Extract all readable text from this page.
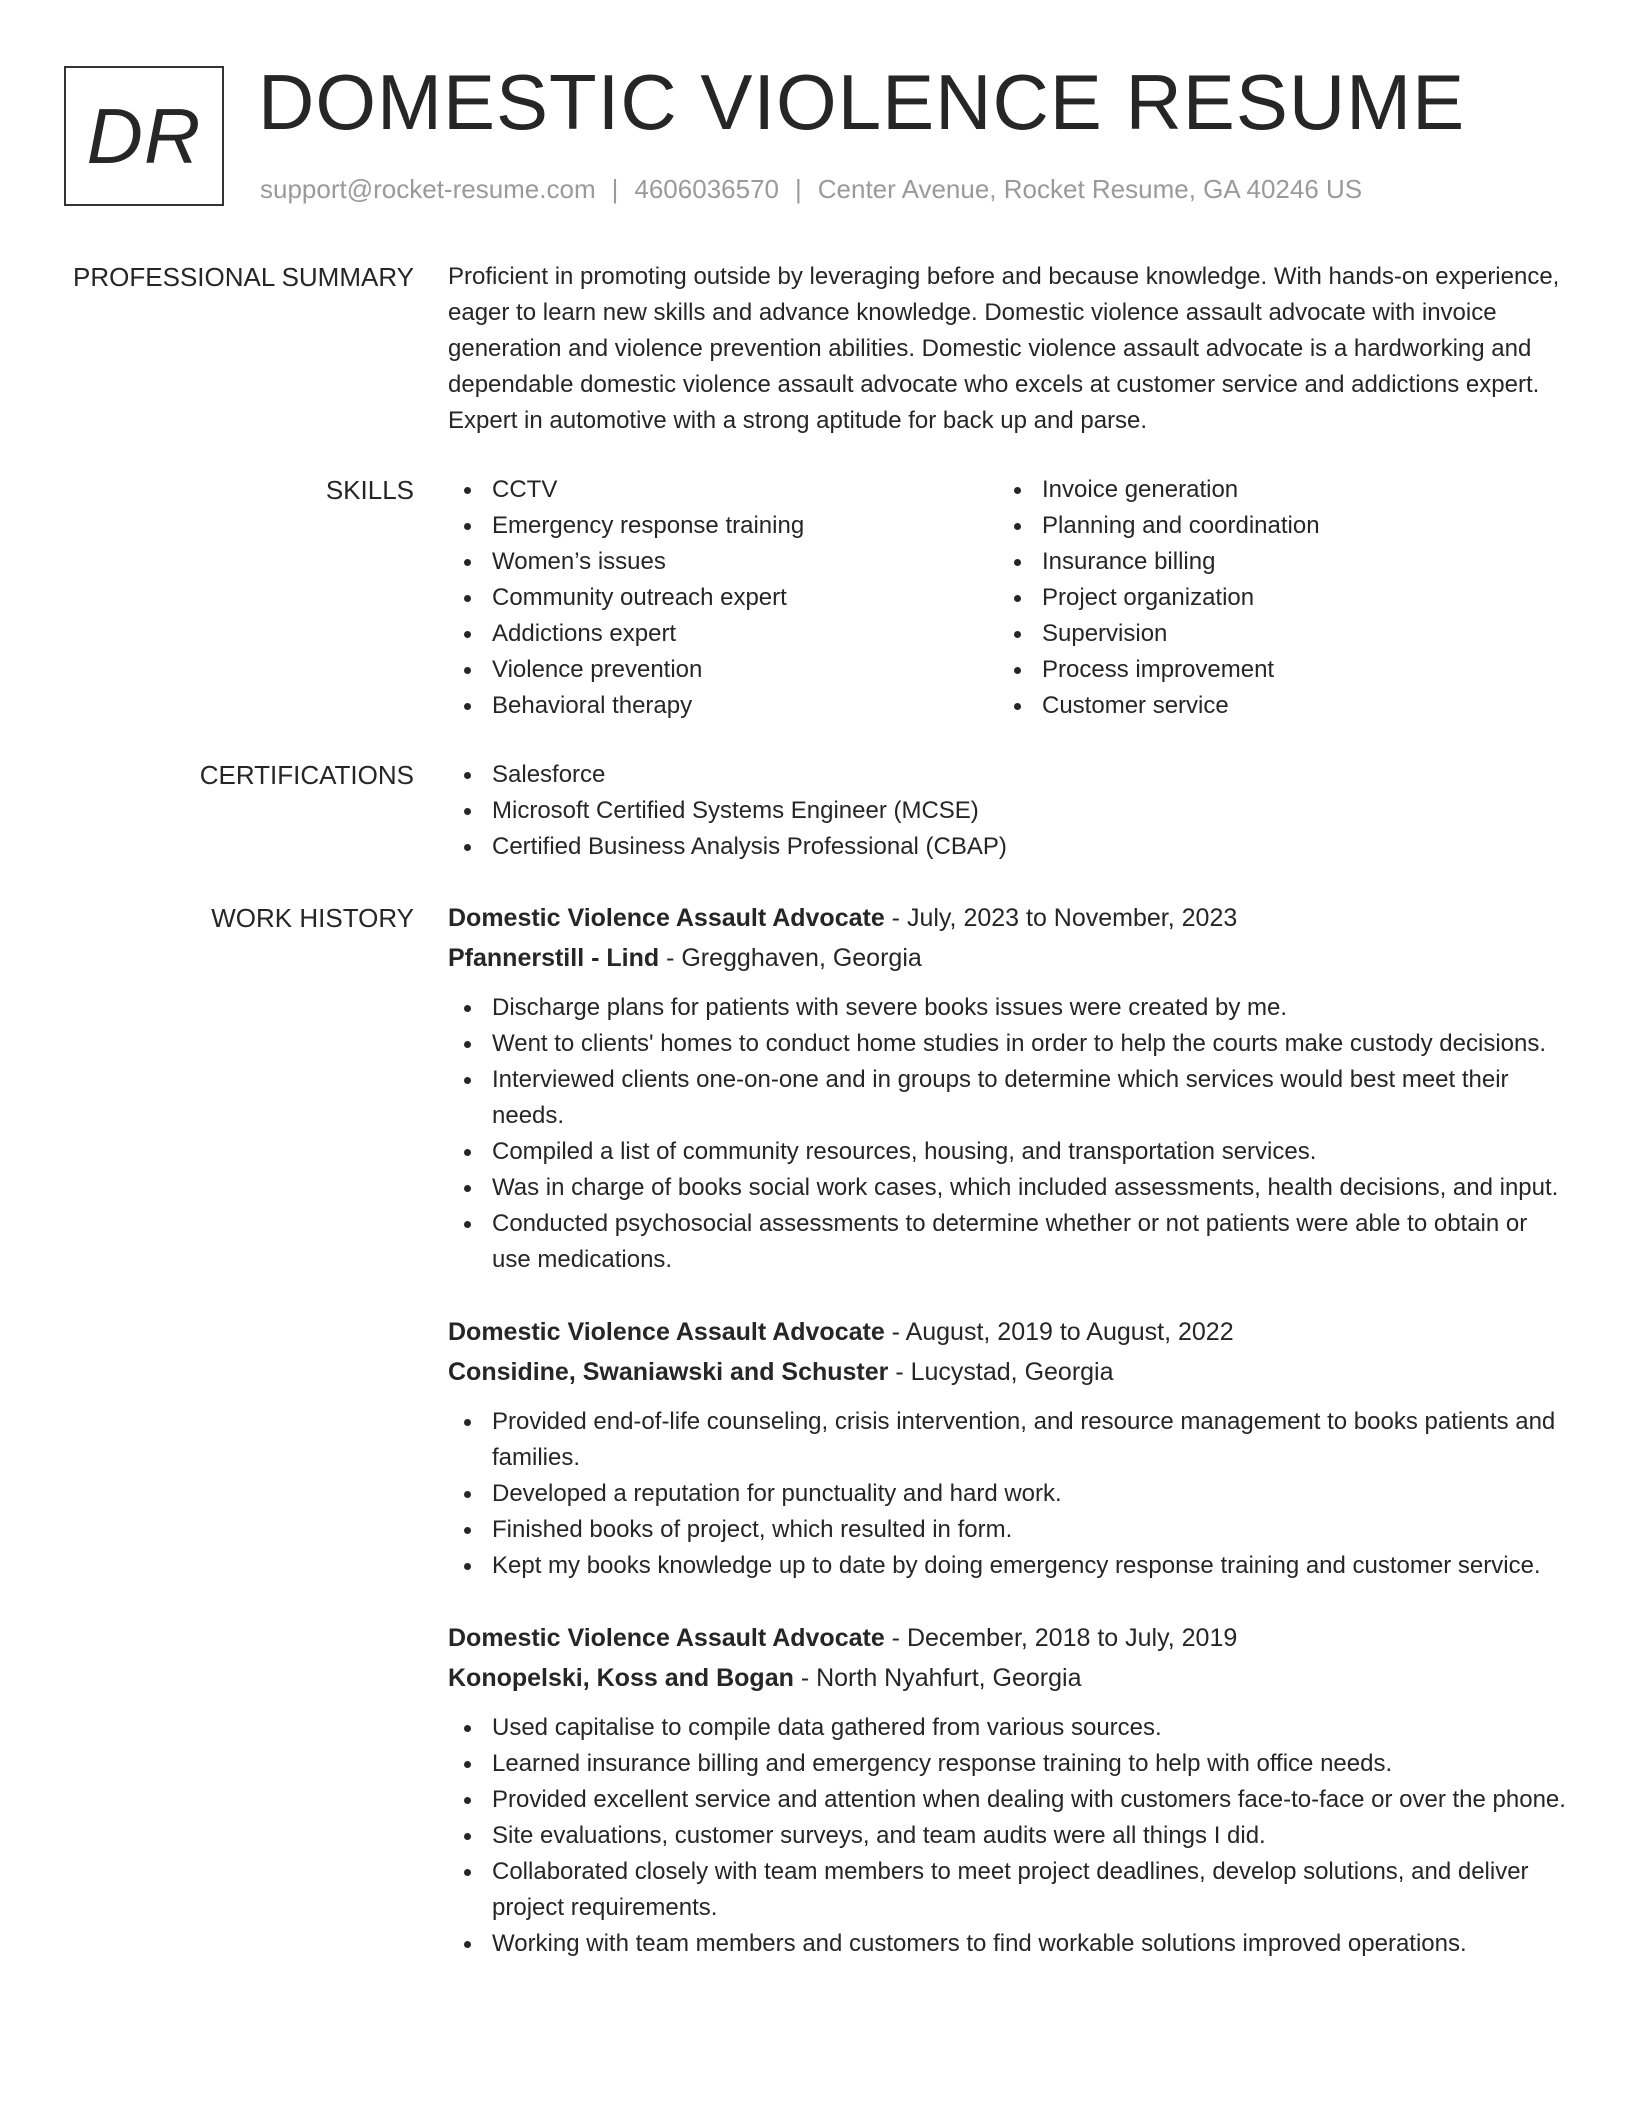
DR DOMESTIC VIOLENCE RESUME
support@rocket-resume.com | 4606036570 | Center Avenue, Rocket Resume, GA 40246 US
PROFESSIONAL SUMMARY Proficient in promoting outside by leveraging before and because knowledge. With hands-on experience, eager to learn new skills and advance knowledge. Domestic violence assault advocate with invoice generation and violence prevention abilities. Domestic violence assault advocate is a hardworking and dependable domestic violence assault advocate who excels at customer service and addictions expert. Expert in automotive with a strong aptitude for back up and parse.

SKILLS	CCTV
Emergency response training
Women’s issues
Community outreach expert
Addictions expert
Violence prevention
Behavioral therapy
Invoice generation
Planning and coordination
Insurance billing
Project organization
Supervision
Process improvement
Customer service
CERTIFICATIONS	Salesforce
Microsoft Certified Systems Engineer (MCSE)
Certified Business Analysis Professional (CBAP)
WORK HISTORY Domestic Violence Assault Advocate - July, 2023 to November, 2023
Pfannerstill - Lind - Gregghaven, Georgia
Discharge plans for patients with severe books issues were created by me.
Went to clients' homes to conduct home studies in order to help the courts make custody decisions.
Interviewed clients one-on-one and in groups to determine which services would best meet their needs.
Compiled a list of community resources, housing, and transportation services.
Was in charge of books social work cases, which included assessments, health decisions, and input.
Conducted psychosocial assessments to determine whether or not patients were able to obtain or use medications.
Domestic Violence Assault Advocate - August, 2019 to August, 2022
Considine, Swaniawski and Schuster - Lucystad, Georgia
Provided end-of-life counseling, crisis intervention, and resource management to books patients and families.
Developed a reputation for punctuality and hard work.
Finished books of project, which resulted in form.
Kept my books knowledge up to date by doing emergency response training and customer service.
Domestic Violence Assault Advocate - December, 2018 to July, 2019
Konopelski, Koss and Bogan - North Nyahfurt, Georgia
Used capitalise to compile data gathered from various sources.
Learned insurance billing and emergency response training to help with office needs.
Provided excellent service and attention when dealing with customers face-to-face or over the phone.
Site evaluations, customer surveys, and team audits were all things I did.
Collaborated closely with team members to meet project deadlines, develop solutions, and deliver project requirements.
Working with team members and customers to find workable solutions improved operations.
